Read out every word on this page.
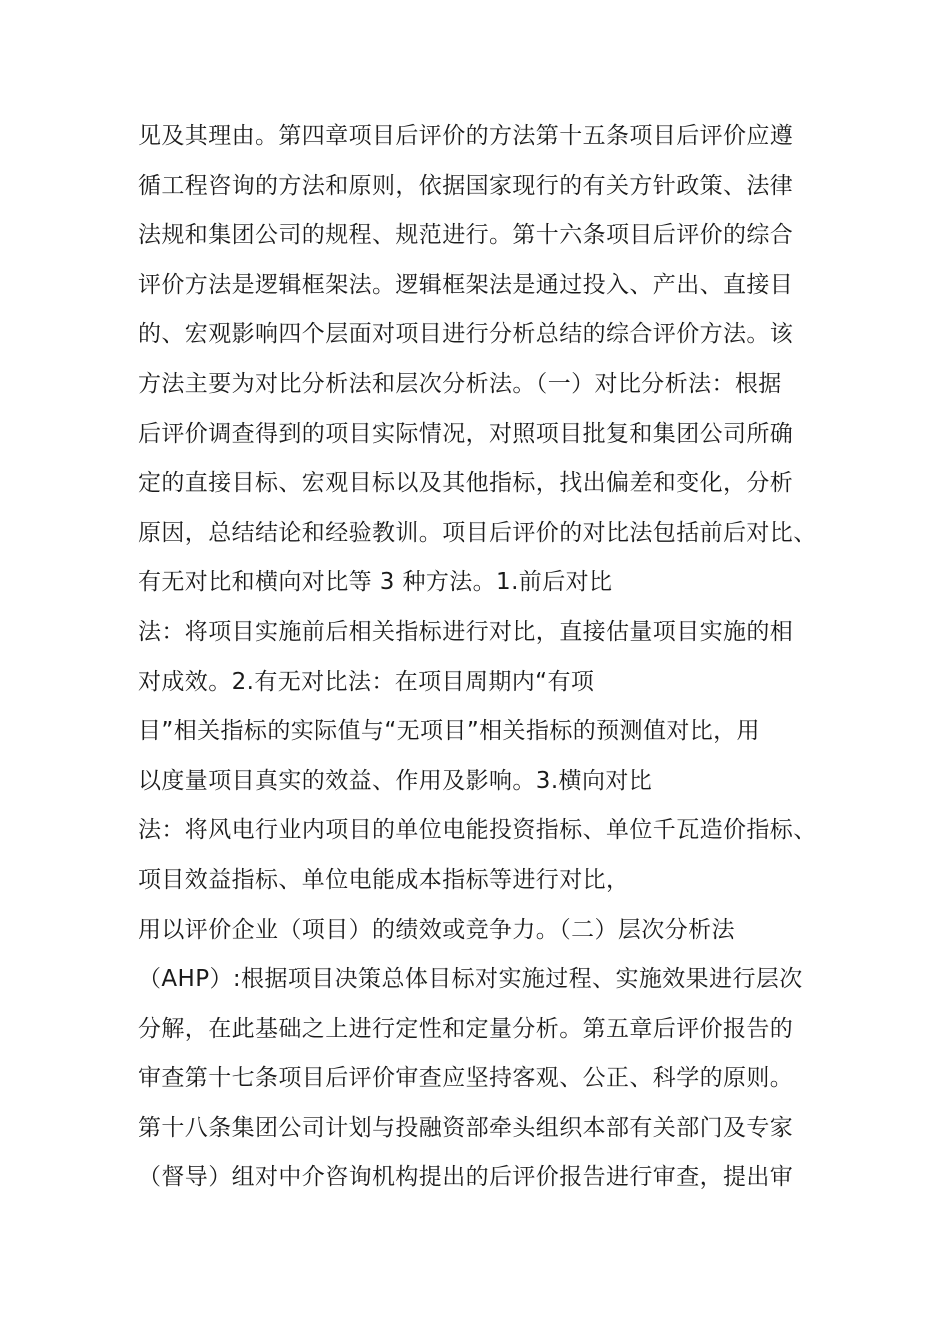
见及其理由。第四章项目后评价的方法第十五条项目后评价应遵
循工程咨询的方法和原则，依据国家现行的有关方针政策、法律
法规和集团公司的规程、规范进行。第十六条项目后评价的综合
评价方法是逻辑框架法。逻辑框架法是通过投入、产出、直接目
的、宏观影响四个层面对项目进行分析总结的综合评价方法。该
方法主要为对比分析法和层次分析法。（一）对比分析法：根据
后评价调查得到的项目实际情况，对照项目批复和集团公司所确
定的直接目标、宏观目标以及其他指标，找出偏差和变化，分析
原因，总结结论和经验教训。项目后评价的对比法包括前后对比、
有无对比和横向对比等 3 种方法。1.前后对比
法：将项目实施前后相关指标进行对比，直接估量项目实施的相
对成效。2.有无对比法：在项目周期内“有项
目”相关指标的实际值与“无项目”相关指标的预测值对比，用
以度量项目真实的效益、作用及影响。3.横向对比
法：将风电行业内项目的单位电能投资指标、单位千瓦造价指标、
项目效益指标、单位电能成本指标等进行对比，
用以评价企业（项目）的绩效或竞争力。（二）层次分析法
（AHP）:根据项目决策总体目标对实施过程、实施效果进行层次
分解，在此基础之上进行定性和定量分析。第五章后评价报告的
审查第十七条项目后评价审查应坚持客观、公正、科学的原则。
第十八条集团公司计划与投融资部牵头组织本部有关部门及专家
（督导）组对中介咨询机构提出的后评价报告进行审查，提出审
